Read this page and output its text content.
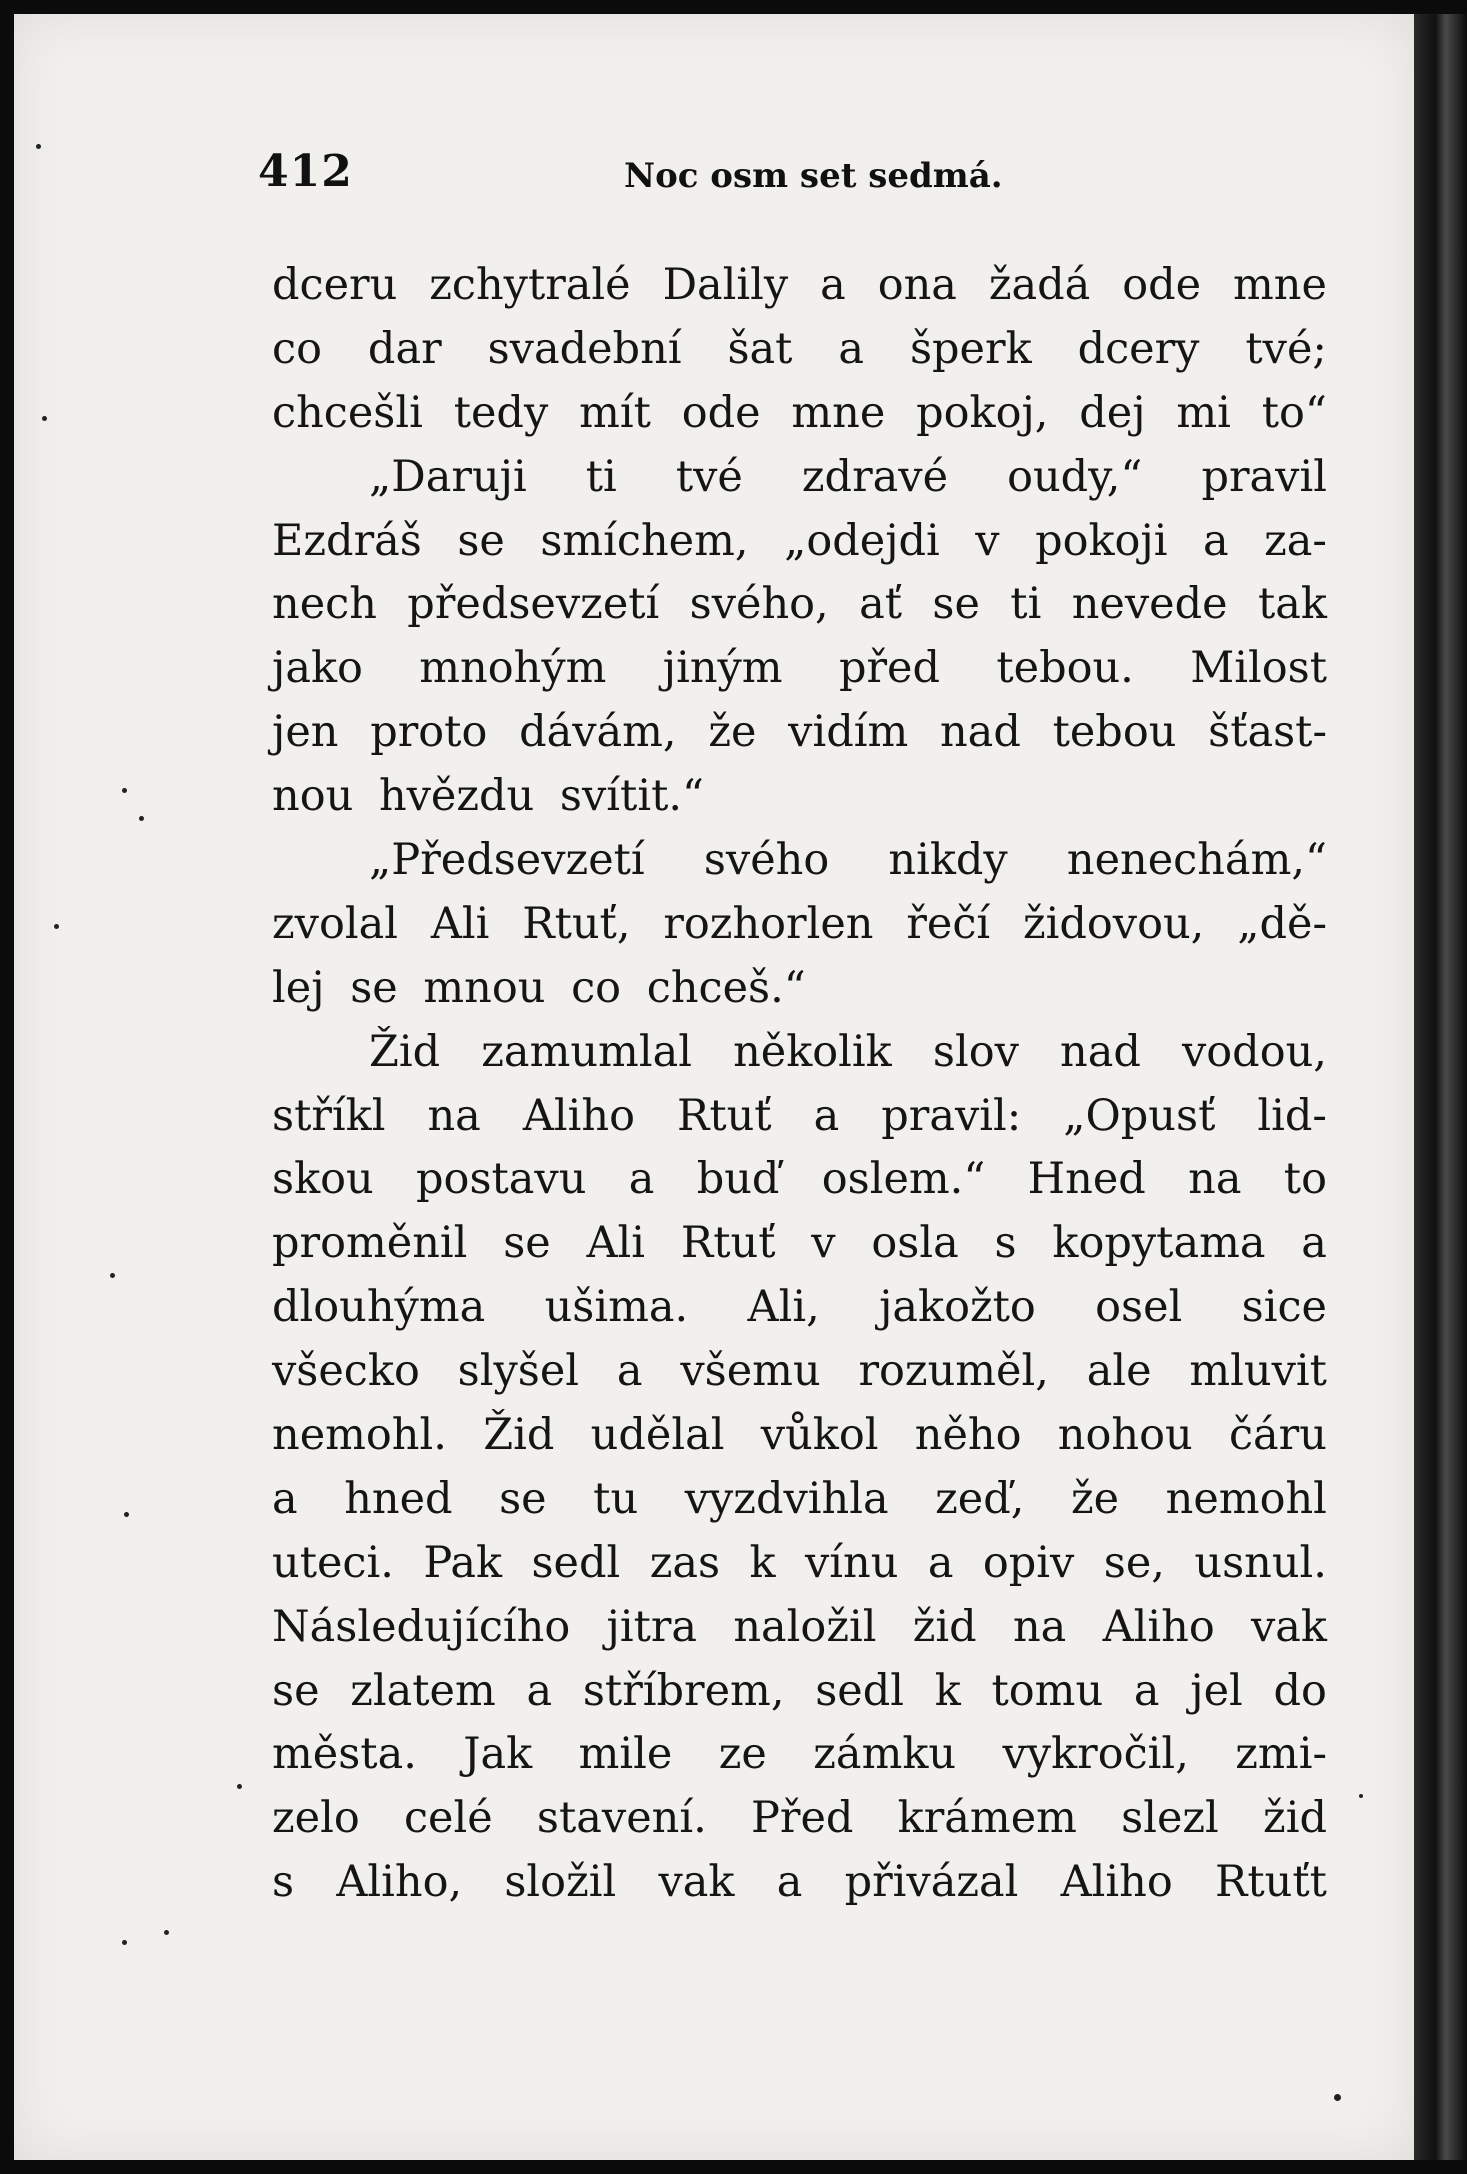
412	Noc osm set sedmá.
dceru zchytralé Dalily a ona žadá ode mne
co dar svadební šat a šperk dcery tvé;
chcešli tedy mít ode mne pokoj, dej mi to“
„Daruji ti tvé zdravé oudy,“ pravil
Ezdráš se smíchem, „odejdi v pokoji a za-
nech předsevzetí svého, ať se ti nevede tak
jako mnohým jiným před tebou. Milost
jen proto dávám, že vidím nad tebou šťast-
nou hvězdu svítit.“
„Předsevzetí svého nikdy nenechám,“
zvolal Ali Rtuť, rozhorlen řečí židovou, „dě-
lej se mnou co chceš.“
Žid zamumlal několik slov nad vodou,
stříkl na Aliho Rtuť a pravil: „Opusť lid-
skou postavu a buď oslem.“ Hned na to
proměnil se Ali Rtuť v osla s kopytama a
dlouhýma ušima. Ali, jakožto osel sice
všecko slyšel a všemu rozuměl, ale mluvit
nemohl. Žid udělal vůkol něho nohou čáru
a hned se tu vyzdvihla zeď, že nemohl
uteci. Pak sedl zas k vínu a opiv se, usnul.
Následujícího jitra naložil žid na Aliho vak
se zlatem a stříbrem, sedl k tomu a jel do
města. Jak mile ze zámku vykročil, zmi-
zelo celé stavení. Před krámem slezl žid
s Aliho, složil vak a přivázal Aliho Rtuťt
